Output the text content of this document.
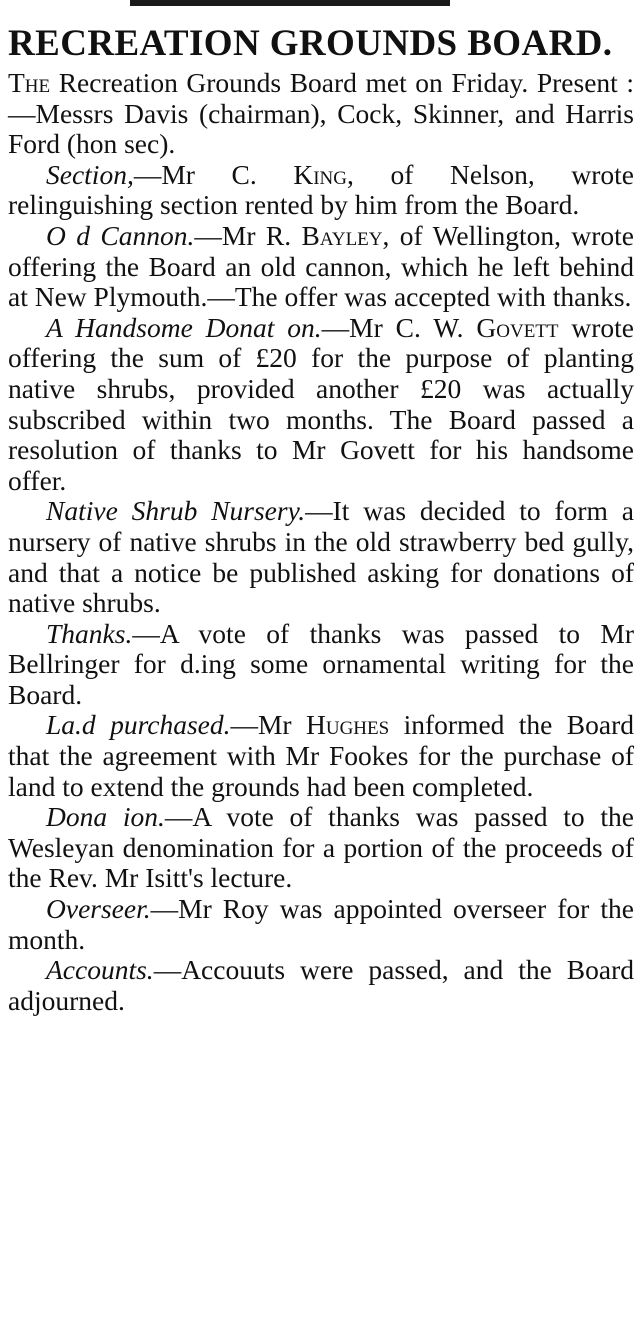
RECREATION GROUNDS BOARD.

The Recreation Grounds Board met on Friday. Present :—Messrs Davis (chairman), Cock, Skinner, and Harris Ford (hon sec).

Section,—Mr C. King, of Nelson, wrote relinguishing section rented by him from the Board.

O d Cannon.—Mr R. Bayley, of Wellington, wrote offering the Board an old cannon, which he left behind at New Plymouth.—The offer was accepted with thanks.

A Handsome Donat on.—Mr C. W. Govett wrote offering the sum of £20 for the purpose of planting native shrubs, provided another £20 was actually subscribed within two months. The Board passed a resolution of thanks to Mr Govett for his handsome offer.

Native Shrub Nursery.—It was decided to form a nursery of native shrubs in the old strawberry bed gully, and that a notice be published asking for donations of native shrubs.

Thanks.—A vote of thanks was passed to Mr Bellringer for d.ing some ornamental writing for the Board.

La.d purchased.—Mr Hughes informed the Board that the agreement with Mr Fookes for the purchase of land to extend the grounds had been completed.

Dona ion.—A vote of thanks was passed to the Wesleyan denomination for a portion of the proceeds of the Rev. Mr Isitt's lecture.

Overseer.—Mr Roy was appointed overseer for the month.

Accounts.—Accouuts were passed, and the Board adjourned.
